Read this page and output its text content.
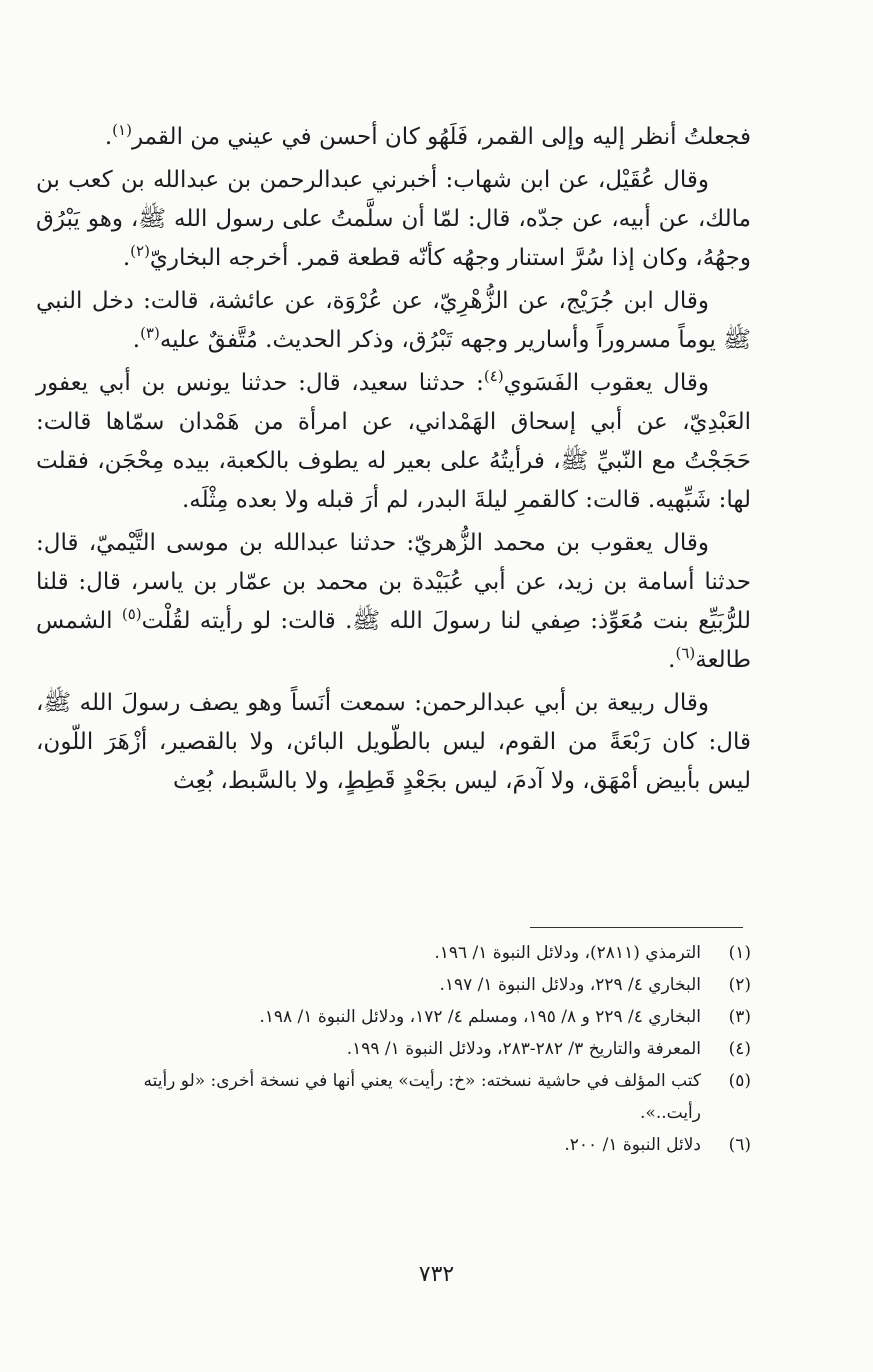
فجعلتُ أنظر إليه وإلى القمر، فَلَهُو كان أحسن في عيني من القمر$^{(١)}$.

وقال عُقَيْل، عن ابن شهاب: أخبرني عبدالرحمن بن عبدالله بن كعب بن مالك، عن أبيه، عن جدّه، قال: لمّا أن سلَّمتُ على رسول الله ﷺ، وهو يَبْرُق وجهُهُ، وكان إذا سُرَّ استنار وجهُه كأنّه قطعة قمر. أخرجه البخاريّ$^{(٢)}$.

وقال ابن جُرَيْج، عن الزُّهْرِيّ، عن عُرْوَة، عن عائشة، قالت: دخل النبي ﷺ يوماً مسروراً وأسارير وجهه تَبْرُق، وذكر الحديث. مُتَّفقٌ عليه$^{(٣)}$.

وقال يعقوب الفَسَوي$^{(٤)}$: حدثنا سعيد، قال: حدثنا يونس بن أبي يعفور العَبْدِيّ، عن أبي إسحاق الهَمْداني، عن امرأة من هَمْدان سمّاها قالت: حَجَجْتُ مع النّبيِّ ﷺ، فرأيتُهُ على بعير له يطوف بالكعبة، بيده مِحْجَن، فقلت لها: شَبِّهيه. قالت: كالقمرِ ليلةَ البدر، لم أرَ قبله ولا بعده مِثْلَه.

وقال يعقوب بن محمد الزُّهريّ: حدثنا عبدالله بن موسى التَّيْميّ، قال: حدثنا أسامة بن زيد، عن أبي عُبَيْدة بن محمد بن عمّار بن ياسر، قال: قلنا للرُّبَيِّع بنت مُعَوِّذ: صِفي لنا رسولَ الله ﷺ. قالت: لو رأيته لقُلْت$^{(٥)}$ الشمس طالعة$^{(٦)}$.

وقال ربيعة بن أبي عبدالرحمن: سمعت أنَساً وهو يصف رسولَ الله ﷺ، قال: كان رَبْعَةً من القوم، ليس بالطّويل البائن، ولا بالقصير، أزْهَرَ اللّون، ليس بأبيض أمْهَق، ولا آدمَ، ليس بجَعْدٍ قَطِطٍ، ولا بالسَّبط، بُعِث

(١)
الترمذي (٢٨١١)، ودلائل النبوة ١/ ١٩٦.
(٢)
البخاري ٤/ ٢٢٩، ودلائل النبوة ١/ ١٩٧.
(٣)
البخاري ٤/ ٢٢٩ و ٨/ ١٩٥، ومسلم ٤/ ١٧٢، ودلائل النبوة ١/ ١٩٨.
(٤)
المعرفة والتاريخ ٣/ ٢٨٢-٢٨٣، ودلائل النبوة ١/ ١٩٩.
(٥)
كتب المؤلف في حاشية نسخته: «خ: رأيت» يعني أنها في نسخة أخرى: «لو رأيته رأيت..».
(٦)
دلائل النبوة ١/ ٢٠٠.
٧٣٢
